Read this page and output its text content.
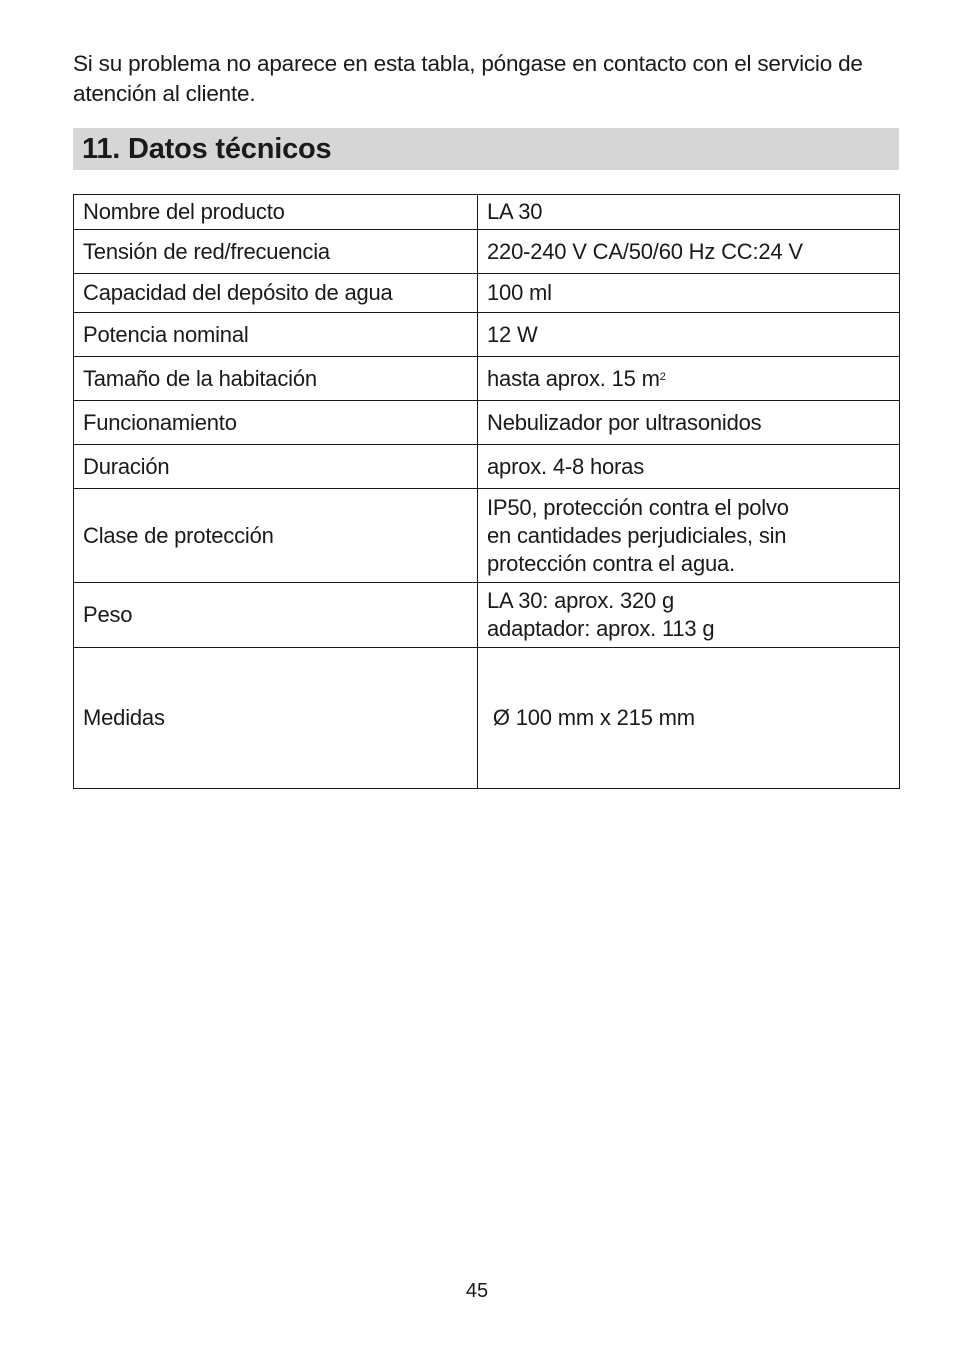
Si su problema no aparece en esta tabla, póngase en contacto con el servicio de atención al cliente.

11. Datos técnicos
Nombre del producto	LA 30

Tensión de red/frecuencia	220-240 V CA/50/60 Hz CC:24 V

Capacidad del depósito de agua	100 ml

Potencia nominal	12 W

Tamaño de la habitación	hasta aprox. 15 $m^2$
Funcionamiento	Nebulizador por ultrasonidos

Duración	aprox. 4-8 horas

Clase de protección	IP50, protección contra el polvo
en cantidades perjudiciales, sin
protección contra el agua.

Peso	LA 30: aprox. 320 g
adaptador: aprox. 113 g

Medidas	Ø 100 mm x 215 mm

45
